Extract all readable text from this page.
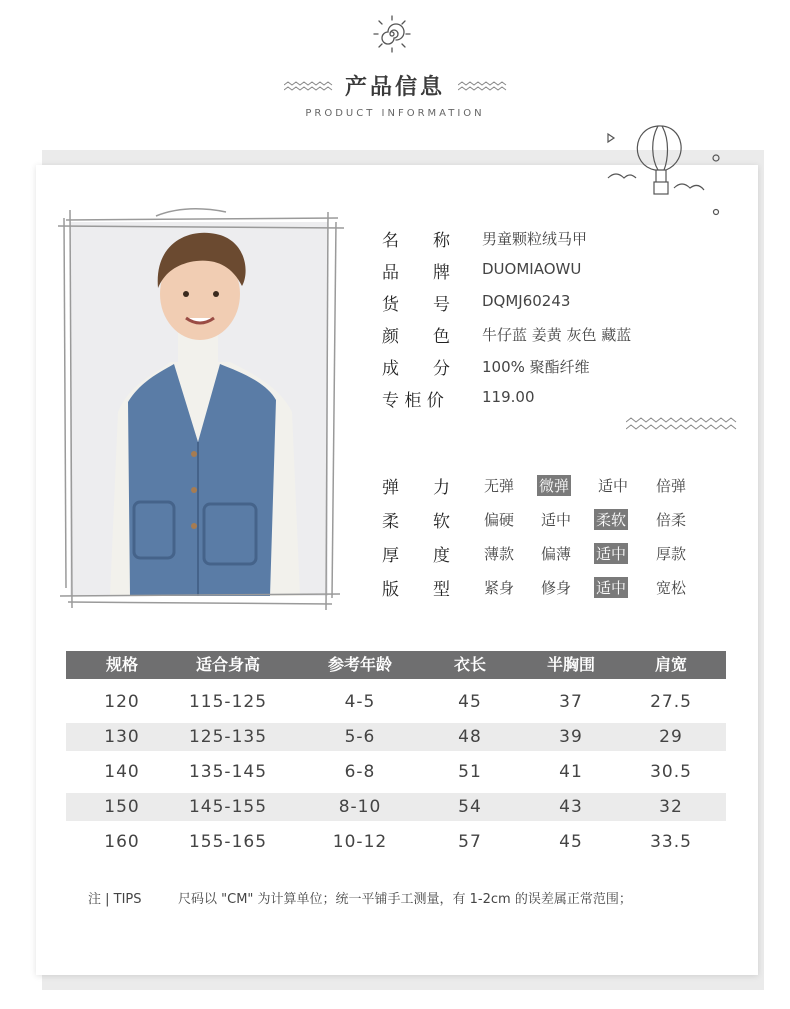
产品信息
PRODUCT INFORMATION
名　　称 男童颗粒绒马甲
品　　牌 DUOMIAOWU
货　　号 DQMJ60243
颜　　色 牛仔蓝 姜黄 灰色 藏蓝
成　　分 100% 聚酯纤维
专 柜 价	119.00
弹　　力 无弹 微弹 适中 倍弹
柔　　软 偏硬 适中 柔软 倍柔
厚　　度 薄款 偏薄 适中 厚款
版　　型 紧身 修身 适中 宽松
规格	适合身高	参考年龄	衣长	半胸围	肩宽
120	115-125	4-5	45	37	27.5
130	125-135	5-6	48	39	29
140	135-145	6-8	51	41	30.5
150	145-155	8-10	54	43	32
160	155-165	10-12	57	45	33.5
注 | TIPS	尺码以 "CM" 为计算单位；统一平铺手工测量，有 1-2cm 的误差属正常范围；
